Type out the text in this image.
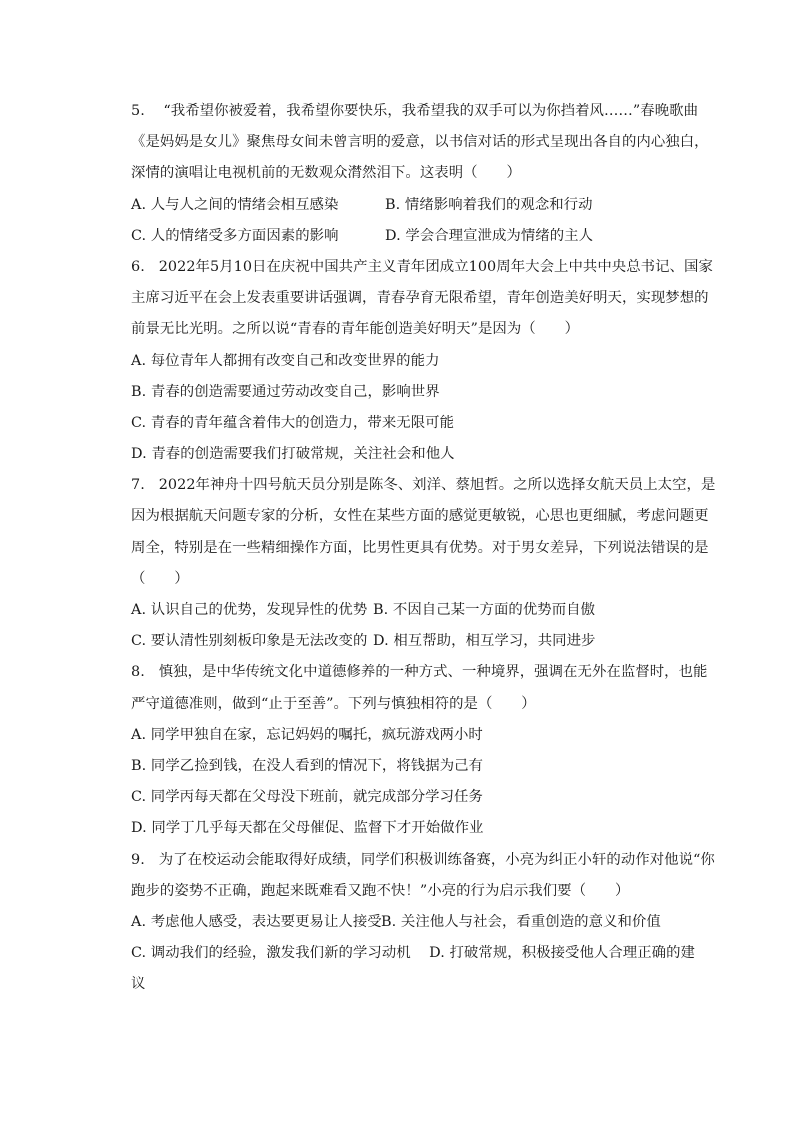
5. “我希望你被爱着，我希望你要快乐，我希望我的双手可以为你挡着风……”春晚歌曲
《是妈妈是女儿》聚焦母女间未曾言明的爱意，以书信对话的形式呈现出各自的内心独白，
深情的演唱让电视机前的无数观众潸然泪下。这表明（　　）
A. 人与人之间的情绪会相互感染	B. 情绪影响着我们的观念和行动
C. 人的情绪受多方面因素的影响	D. 学会合理宣泄成为情绪的主人
6. 2022年5月10日在庆祝中国共产主义青年团成立100周年大会上中共中央总书记、国家
主席习近平在会上发表重要讲话强调，青春孕育无限希望，青年创造美好明天，实现梦想的
前景无比光明。之所以说“青春的青年能创造美好明天”是因为（　　）
A. 每位青年人都拥有改变自己和改变世界的能力
B. 青春的创造需要通过劳动改变自己，影响世界
C. 青春的青年蕴含着伟大的创造力，带来无限可能
D. 青春的创造需要我们打破常规，关注社会和他人
7. 2022年神舟十四号航天员分别是陈冬、刘洋、蔡旭哲。之所以选择女航天员上太空，是
因为根据航天问题专家的分析，女性在某些方面的感觉更敏锐，心思也更细腻，考虑问题更
周全，特别是在一些精细操作方面，比男性更具有优势。对于男女差异，下列说法错误的是
（　　）
A. 认识自己的优势，发现异性的优势 B. 不因自己某一方面的优势而自傲
C. 要认清性别刻板印象是无法改变的 D. 相互帮助，相互学习，共同进步
8. 慎独，是中华传统文化中道德修养的一种方式、一种境界，强调在无外在监督时，也能
严守道德准则，做到“止于至善”。下列与慎独相符的是（　　）
A. 同学甲独自在家，忘记妈妈的嘱托，疯玩游戏两小时
B. 同学乙捡到钱，在没人看到的情况下，将钱据为己有
C. 同学丙每天都在父母没下班前，就完成部分学习任务
D. 同学丁几乎每天都在父母催促、监督下才开始做作业
9. 为了在校运动会能取得好成绩，同学们积极训练备赛，小亮为纠正小轩的动作对他说“你
跑步的姿势不正确，跑起来既难看又跑不快！”小亮的行为启示我们要（　　）
A. 考虑他人感受，表达要更易让人接受 B. 关注他人与社会，看重创造的意义和价值
C. 调动我们的经验，激发我们新的学习动机	D. 打破常规，积极接受他人合理正确的建
议
